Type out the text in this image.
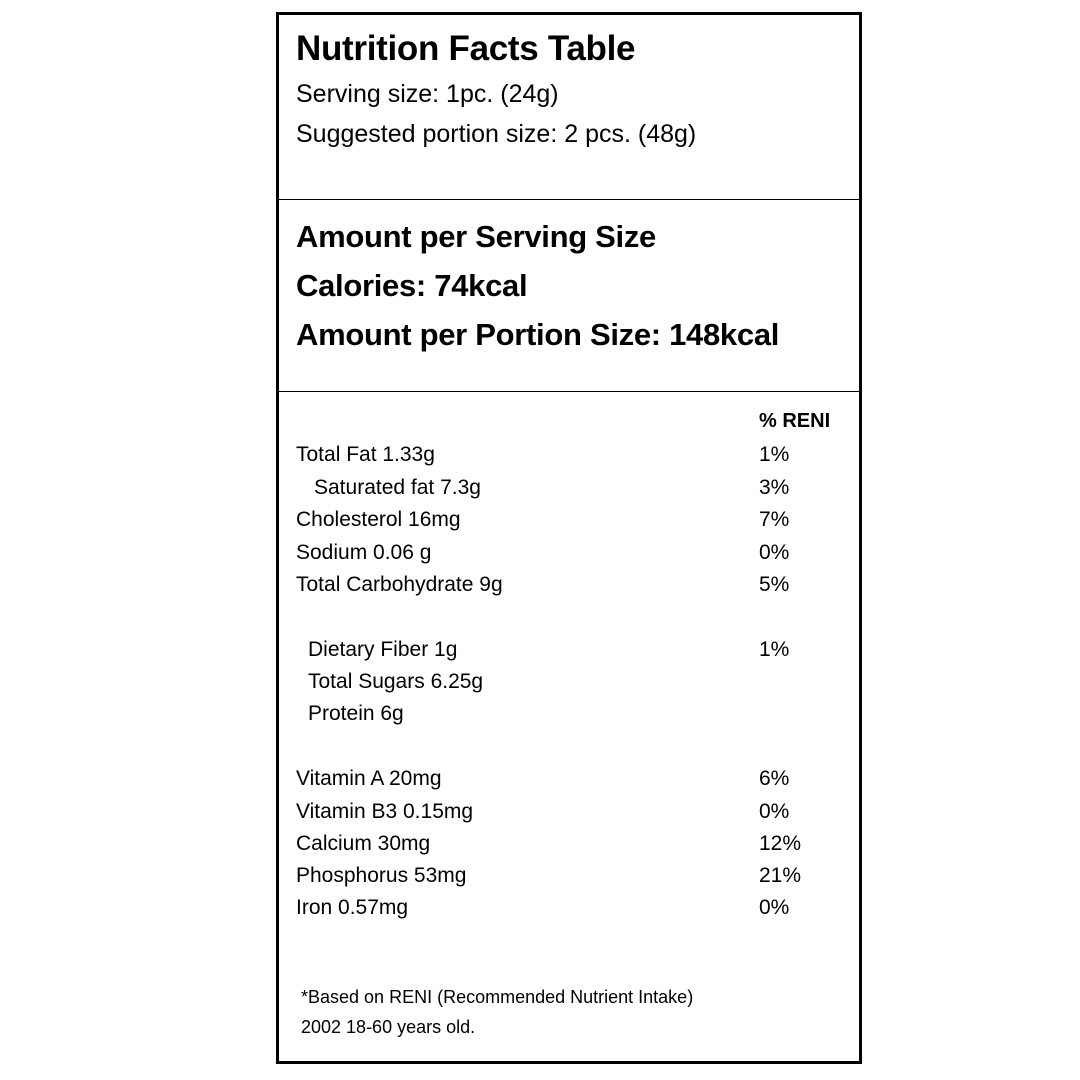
Nutrition Facts Table
Serving size: 1pc. (24g)
Suggested portion size: 2 pcs. (48g)
Amount per Serving Size
Calories: 74kcal
Amount per Portion Size: 148kcal
% RENI
Total Fat 1.33g	1%
Saturated fat 7.3g	3%
Cholesterol 16mg	7%
Sodium 0.06 g	0%
Total Carbohydrate 9g	5%
Dietary Fiber 1g	1%
Total Sugars 6.25g
Protein 6g
Vitamin A 20mg	6%
Vitamin B3 0.15mg	0%
Calcium 30mg	12%
Phosphorus 53mg	21%
Iron 0.57mg	0%
*Based on RENI (Recommended Nutrient Intake) 2002 18-60 years old.
